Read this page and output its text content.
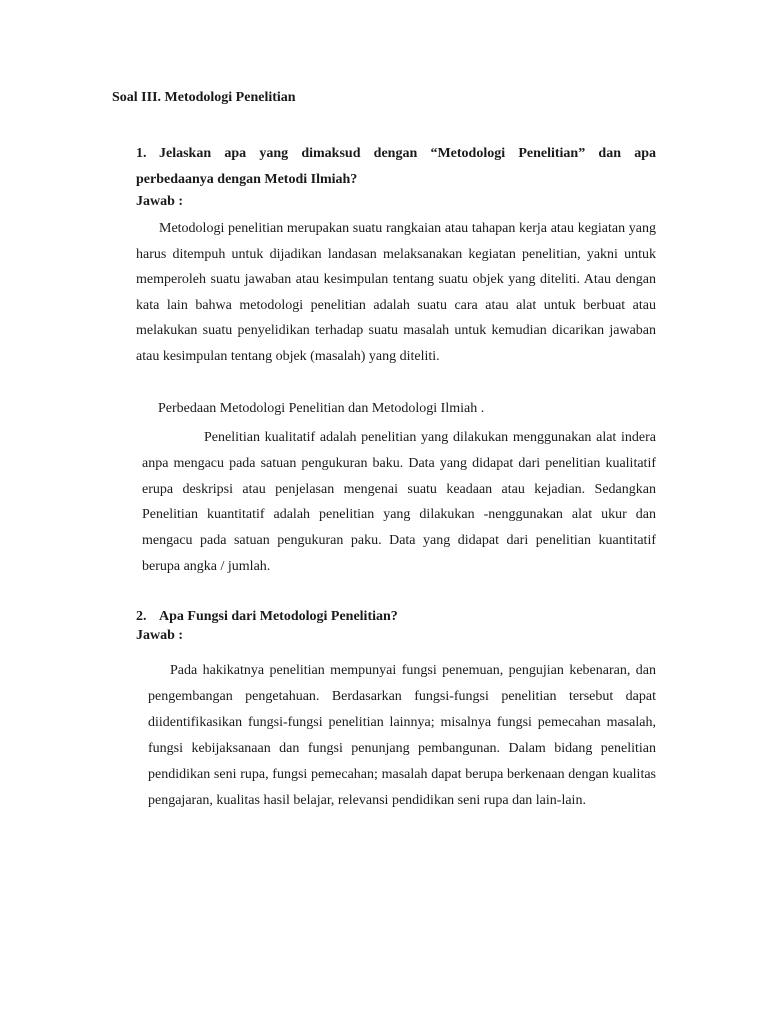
Soal III. Metodologi Penelitian
1. Jelaskan apa yang dimaksud dengan “Metodologi Penelitian” dan apa perbedaanya dengan Metodi Ilmiah?
Jawab :

Metodologi penelitian merupakan suatu rangkaian atau tahapan kerja atau kegiatan yang harus ditempuh untuk dijadikan landasan melaksanakan kegiatan penelitian, yakni untuk memperoleh suatu jawaban atau kesimpulan tentang suatu objek yang diteliti. Atau dengan kata lain bahwa metodologi penelitian adalah suatu cara atau alat untuk berbuat atau melakukan suatu penyelidikan terhadap suatu masalah untuk kemudian dicarikan jawaban atau kesimpulan tentang objek (masalah) yang diteliti.

Perbedaan Metodologi Penelitian dan Metodologi Ilmiah .

Penelitian kualitatif adalah penelitian yang dilakukan menggunakan alat indera anpa mengacu pada satuan pengukuran baku. Data yang didapat dari penelitian kualitatif erupa deskripsi atau penjelasan mengenai suatu keadaan atau kejadian. Sedangkan Penelitian kuantitatif adalah penelitian yang dilakukan -nenggunakan alat ukur dan mengacu pada satuan pengukuran paku. Data yang didapat dari penelitian kuantitatif berupa angka / jumlah.

2. Apa Fungsi dari Metodologi Penelitian?
Jawab :

Pada hakikatnya penelitian mempunyai fungsi penemuan, pengujian kebenaran, dan pengembangan pengetahuan. Berdasarkan fungsi-fungsi penelitian tersebut dapat diidentifikasikan fungsi-fungsi penelitian lainnya; misalnya fungsi pemecahan masalah, fungsi kebijaksanaan dan fungsi penunjang pembangunan. Dalam bidang penelitian pendidikan seni rupa, fungsi pemecahan; masalah dapat berupa berkenaan dengan kualitas pengajaran, kualitas hasil belajar, relevansi pendidikan seni rupa dan lain-lain.
